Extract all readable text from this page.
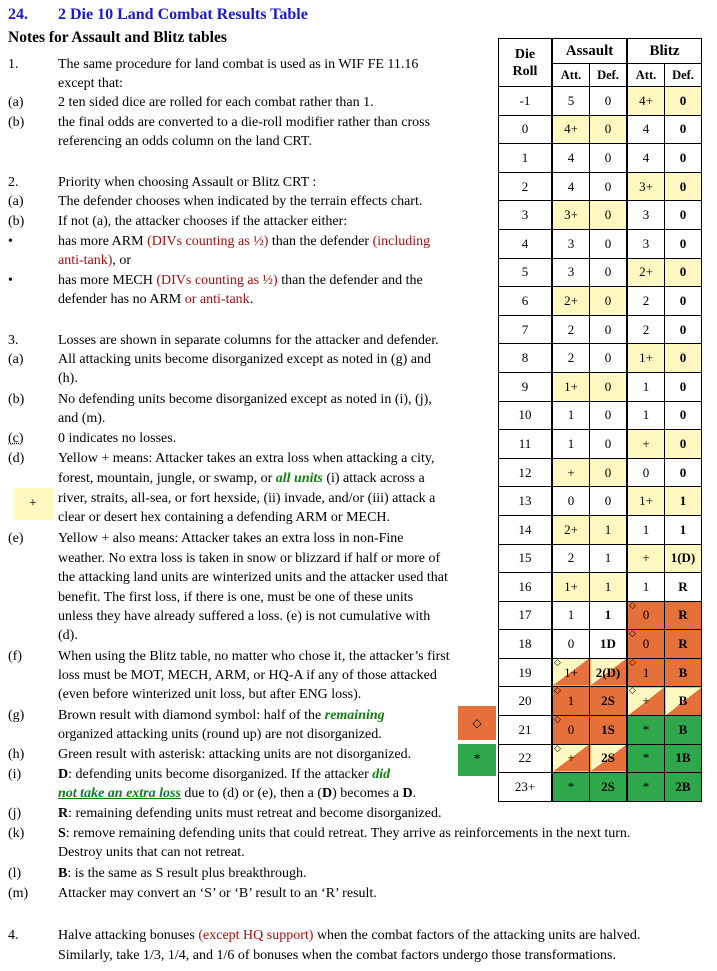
24. 2 Die 10 Land Combat Results Table
Notes for Assault and Blitz tables
1.	The same procedure for land combat is used as in WIF FE 11.16
except that:
(a) 2 ten sided dice are rolled for each combat rather than 1.
(b) the final odds are converted to a die-roll modifier rather than cross
referencing an odds column on the land CRT.
2.	Priority when choosing Assault or Blitz CRT :
(a) The defender chooses when indicated by the terrain effects chart.
(b) If not (a), the attacker chooses if the attacker either:
•	has more ARM (DIVs counting as ½) than the defender (including
anti-tank), or
•	has more MECH (DIVs counting as ½) than the defender and the
defender has no ARM or anti-tank.
3.	Losses are shown in separate columns for the attacker and defender.
(a) All attacking units become disorganized except as noted in (g) and
(h).
(b) No defending units become disorganized except as noted in (i), (j),
and (m).
(c) 0 indicates no losses.
(d) Yellow + means: Attacker takes an extra loss when attacking a city,
forest, mountain, jungle, or swamp, or all units (i) attack across a
river, straits, all-sea, or fort hexside, (ii) invade, and/or (iii) attack a
clear or desert hex containing a defending ARM or MECH.
+
(e) Yellow + also means: Attacker takes an extra loss in non-Fine
weather. No extra loss is taken in snow or blizzard if half or more of
the attacking land units are winterized units and the attacker used that
benefit. The first loss, if there is one, must be one of these units
unless they have already suffered a loss. (e) is not cumulative with
(d).
(f)	When using the Blitz table, no matter who chose it, the attacker’s first
loss must be MOT, MECH, ARM, or HQ-A if any of those attacked
(even before winterized unit loss, but after ENG loss).
(g) Brown result with diamond symbol: half of the remaining
organized attacking units (round up) are not disorganized.
◇
*
(h) Green result with asterisk: attacking units are not disorganized.
(i)	D: defending units become disorganized. If the attacker did
not take an extra loss due to (d) or (e), then a (D) becomes a D.
(j)	R: remaining defending units must retreat and become disorganized.
(k) S: remove remaining defending units that could retreat. They arrive as reinforcements in the next turn.
Destroy units that can not retreat.
(l)	B: is the same as S result plus breakthrough.
(m) Attacker may convert an ‘S’ or ‘B’ result to an ‘R’ result.
4.	Halve attacking bonuses (except HQ support) when the combat factors of the attacking units are halved.
Similarly, take 1/3, 1/4, and 1/6 of bonuses when the combat factors undergo those transformations.
Die
Roll	Assault		Blitz	
	Att.	Def.	Att.	Def.
-1	5	0	4+	0
0	4+	0	4	0
1	4	0	4	0
2	4	0	3+	0
3	3+	0	3	0
4	3	0	3	0
5	3	0	2+	0
6	2+	0	2	0
7	2	0	2	0
8	2	0	1+	0
9	1+	0	1	0
10	1	0	1	0
11	1	0	+	0
12	+	0	0	0
13	0	0	1+	1
14	2+	1	1	1
15	2	1	+	1(D)
16	1+	1	1	R
17	1	1	◇ 0	R
18	0	1D	◇ 0	R
19	◇ 1+	2(D)	◇ 1	B
20	◇ 1	2S	◇ +	B
21	◇ 0	1S	*	B
22	◇ +	2S	*	1B
23+	*	2S	*	2B
